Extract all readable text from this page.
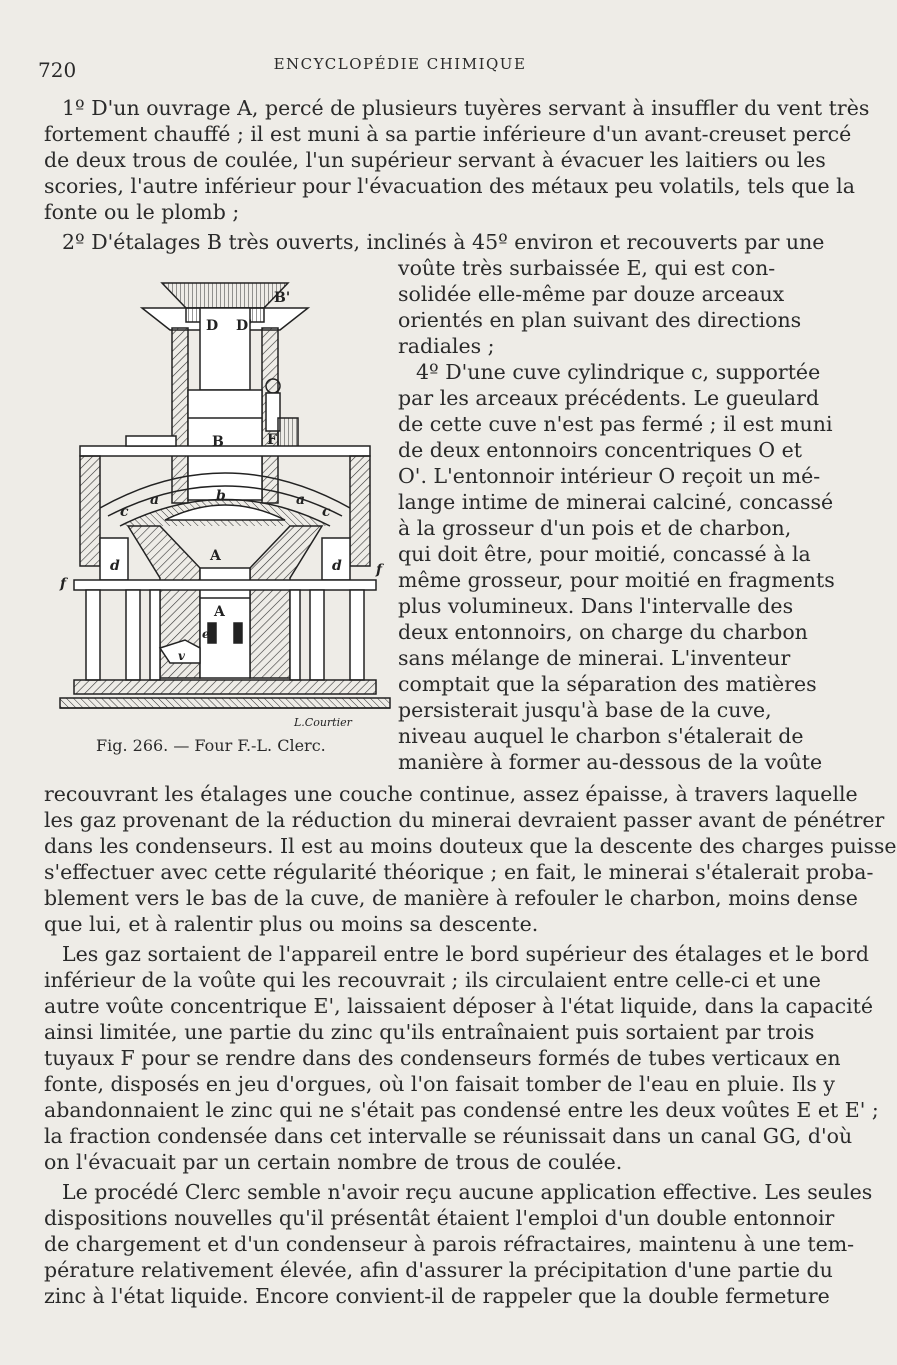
720	ENCYCLOPÉDIE CHIMIQUE
1º D'un ouvrage A, percé de plusieurs tuyères servant à insuffler du vent très
fortement chauffé ; il est muni à sa partie inférieure d'un avant-creuset percé
de deux trous de coulée, l'un supérieur servant à évacuer les laitiers ou les
scories, l'autre inférieur pour l'évacuation des métaux peu volatils, tels que la
fonte ou le plomb ;
2º D'étalages B très ouverts, inclinés à 45º environ et recouverts par une
voûte très surbaissée E, qui est con-
solidée elle-même par douze arceaux
orientés en plan suivant des directions
radiales ;
4º D'une cuve cylindrique c, supportée
par les arceaux précédents. Le gueulard
de cette cuve n'est pas fermé ; il est muni
de deux entonnoirs concentriques O et
O'. L'entonnoir intérieur O reçoit un mé-
lange intime de minerai calciné, concassé
à la grosseur d'un pois et de charbon,
qui doit être, pour moitié, concassé à la
même grosseur, pour moitié en fragments
plus volumineux. Dans l'intervalle des
deux entonnoirs, on charge du charbon
sans mélange de minerai. L'inventeur
comptait que la séparation des matières
persisterait jusqu'à base de la cuve,
niveau auquel le charbon s'étalerait de
manière à former au-dessous de la voûte
recouvrant les étalages une couche continue, assez épaisse, à travers laquelle
les gaz provenant de la réduction du minerai devraient passer avant de pénétrer
dans les condenseurs. Il est au moins douteux que la descente des charges puisse
s'effectuer avec cette régularité théorique ; en fait, le minerai s'étalerait proba-
blement vers le bas de la cuve, de manière à refouler le charbon, moins dense
que lui, et à ralentir plus ou moins sa descente.
Les gaz sortaient de l'appareil entre le bord supérieur des étalages et le bord
inférieur de la voûte qui les recouvrait ; ils circulaient entre celle-ci et une
autre voûte concentrique E', laissaient déposer à l'état liquide, dans la capacité
ainsi limitée, une partie du zinc qu'ils entraînaient puis sortaient par trois
tuyaux F pour se rendre dans des condenseurs formés de tubes verticaux en
fonte, disposés en jeu d'orgues, où l'on faisait tomber de l'eau en pluie. Ils y
abandonnaient le zinc qui ne s'était pas condensé entre les deux voûtes E et E' ;
la fraction condensée dans cet intervalle se réunissait dans un canal GG, d'où
on l'évacuait par un certain nombre de trous de coulée.
Le procédé Clerc semble n'avoir reçu aucune application effective. Les seules
dispositions nouvelles qu'il présentât étaient l'emploi d'un double entonnoir
de chargement et d'un condenseur à parois réfractaires, maintenu à une tem-
pérature relativement élevée, afin d'assurer la précipitation d'une partie du
zinc à l'état liquide. Encore convient-il de rappeler que la double fermeture
B'
D D'
B	F
b
c	c
a	a
d	d
f
f
A
A
e
v
L.Courtier
Fig. 266. — Four F.-L. Clerc.
